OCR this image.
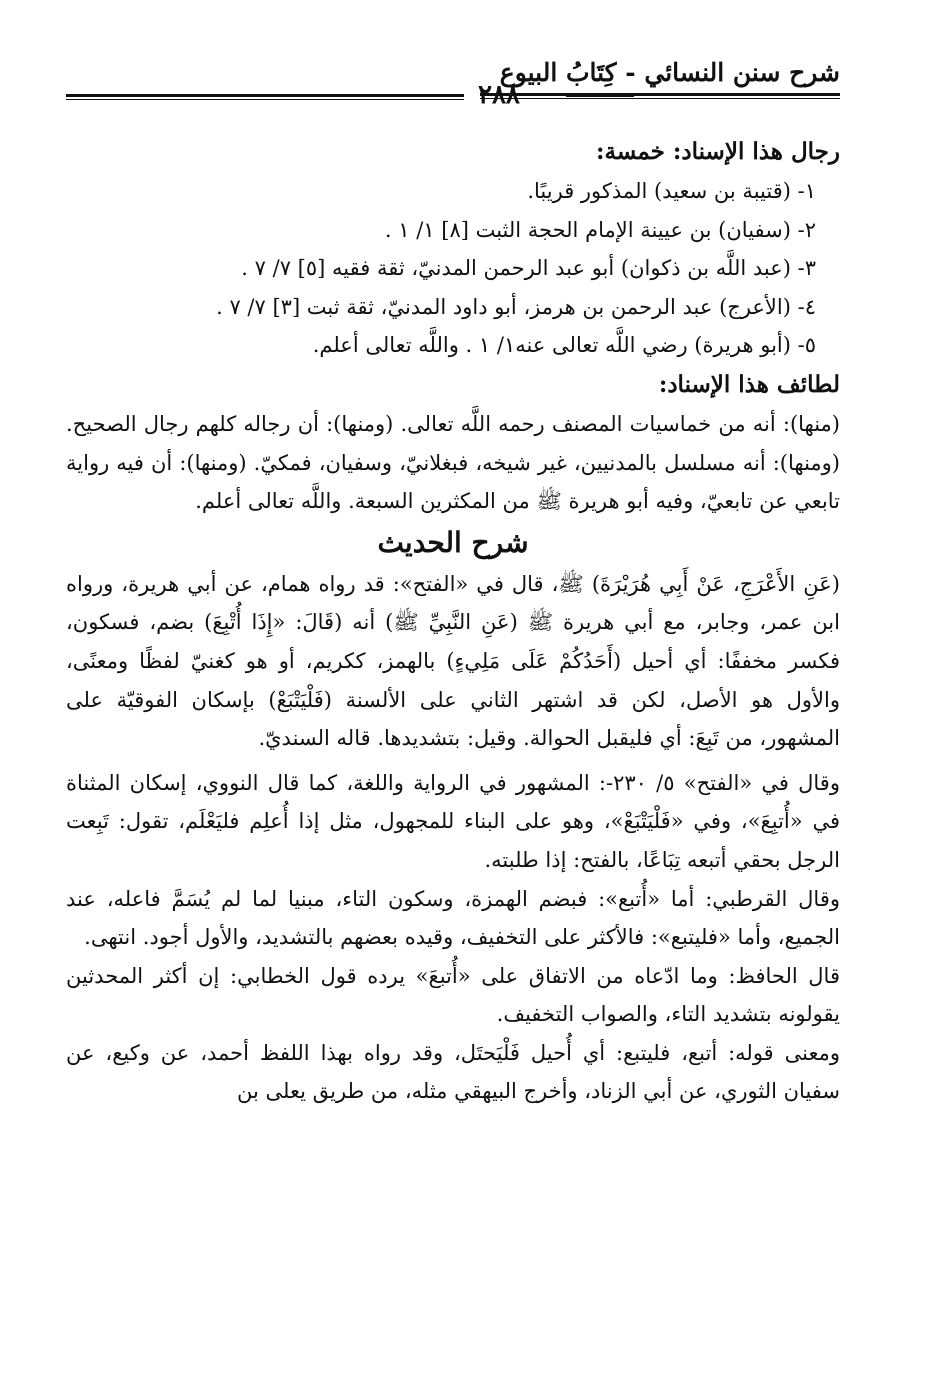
شرح سنن النسائي - كِتَابُ البيوع
٢٨٨

رجال هذا الإسناد: خمسة:

١- (قتيبة بن سعيد) المذكور قريبًا.

٢- (سفيان) بن عيينة الإمام الحجة الثبت [٨] ١/ ١ .

٣- (عبد اللَّه بن ذكوان) أبو عبد الرحمن المدنيّ، ثقة فقيه [٥] ٧/ ٧ .

٤- (الأعرج) عبد الرحمن بن هرمز، أبو داود المدنيّ، ثقة ثبت [٣] ٧/ ٧ .

٥- (أبو هريرة) رضي اللَّه تعالى عنه١/ ١ . واللَّه تعالى أعلم.

لطائف هذا الإسناد:

(منها): أنه من خماسيات المصنف رحمه اللَّه تعالى. (ومنها): أن رجاله كلهم رجال الصحيح. (ومنها): أنه مسلسل بالمدنيين، غير شيخه، فبغلانيّ، وسفيان، فمكيّ. (ومنها): أن فيه رواية تابعي عن تابعيّ، وفيه أبو هريرة ﷺ من المكثرين السبعة. واللَّه تعالى أعلم.

شرح الحديث

(عَنِ الأَعْرَجِ، عَنْ أَبِي هُرَيْرَةَ) ﷺ، قال في «الفتح»: قد رواه همام، عن أبي هريرة، ورواه ابن عمر، وجابر، مع أبي هريرة ﷺ (عَنِ النَّبِيِّ ﷺ) أنه (قَالَ: «إِذَا أُتْبِعَ) بضم، فسكون، فكسر مخففًا: أي أحيل (أَحَدُكُمْ عَلَى مَلِيءٍ) بالهمز، ككريم، أو هو كغنيّ لفظًا ومعنًى، والأول هو الأصل، لكن قد اشتهر الثاني على الألسنة (فَلْيَتْبَعْ) بإسكان الفوقيّة على المشهور، من تَبِعَ: أي فليقبل الحوالة. وقيل: بتشديدها. قاله السنديّ.

وقال في «الفتح» ٥/ ٢٣٠-: المشهور في الرواية واللغة، كما قال النووي، إسكان المثناة في «أُتبِعَ»، وفي «فَلْيَتْبَعْ»، وهو على البناء للمجهول، مثل إذا أُعلِم فليَعْلَم، تقول: تَبِعت الرجل بحقي أتبعه تِبَاعًا، بالفتح: إذا طلبته.

وقال القرطبي: أما «أُتبع»: فبضم الهمزة، وسكون التاء، مبنيا لما لم يُسَمَّ فاعله، عند الجميع، وأما «فليتبع»: فالأكثر على التخفيف، وقيده بعضهم بالتشديد، والأول أجود. انتهى.

قال الحافظ: وما ادّعاه من الاتفاق على «أُتبعَ» يرده قول الخطابي: إن أكثر المحدثين يقولونه بتشديد التاء، والصواب التخفيف.

ومعنى قوله: أتبع، فليتبع: أي أُحيل فَلْيَحتَل، وقد رواه بهذا اللفظ أحمد، عن وكيع، عن سفيان الثوري، عن أبي الزناد، وأخرج البيهقي مثله، من طريق يعلى بن
